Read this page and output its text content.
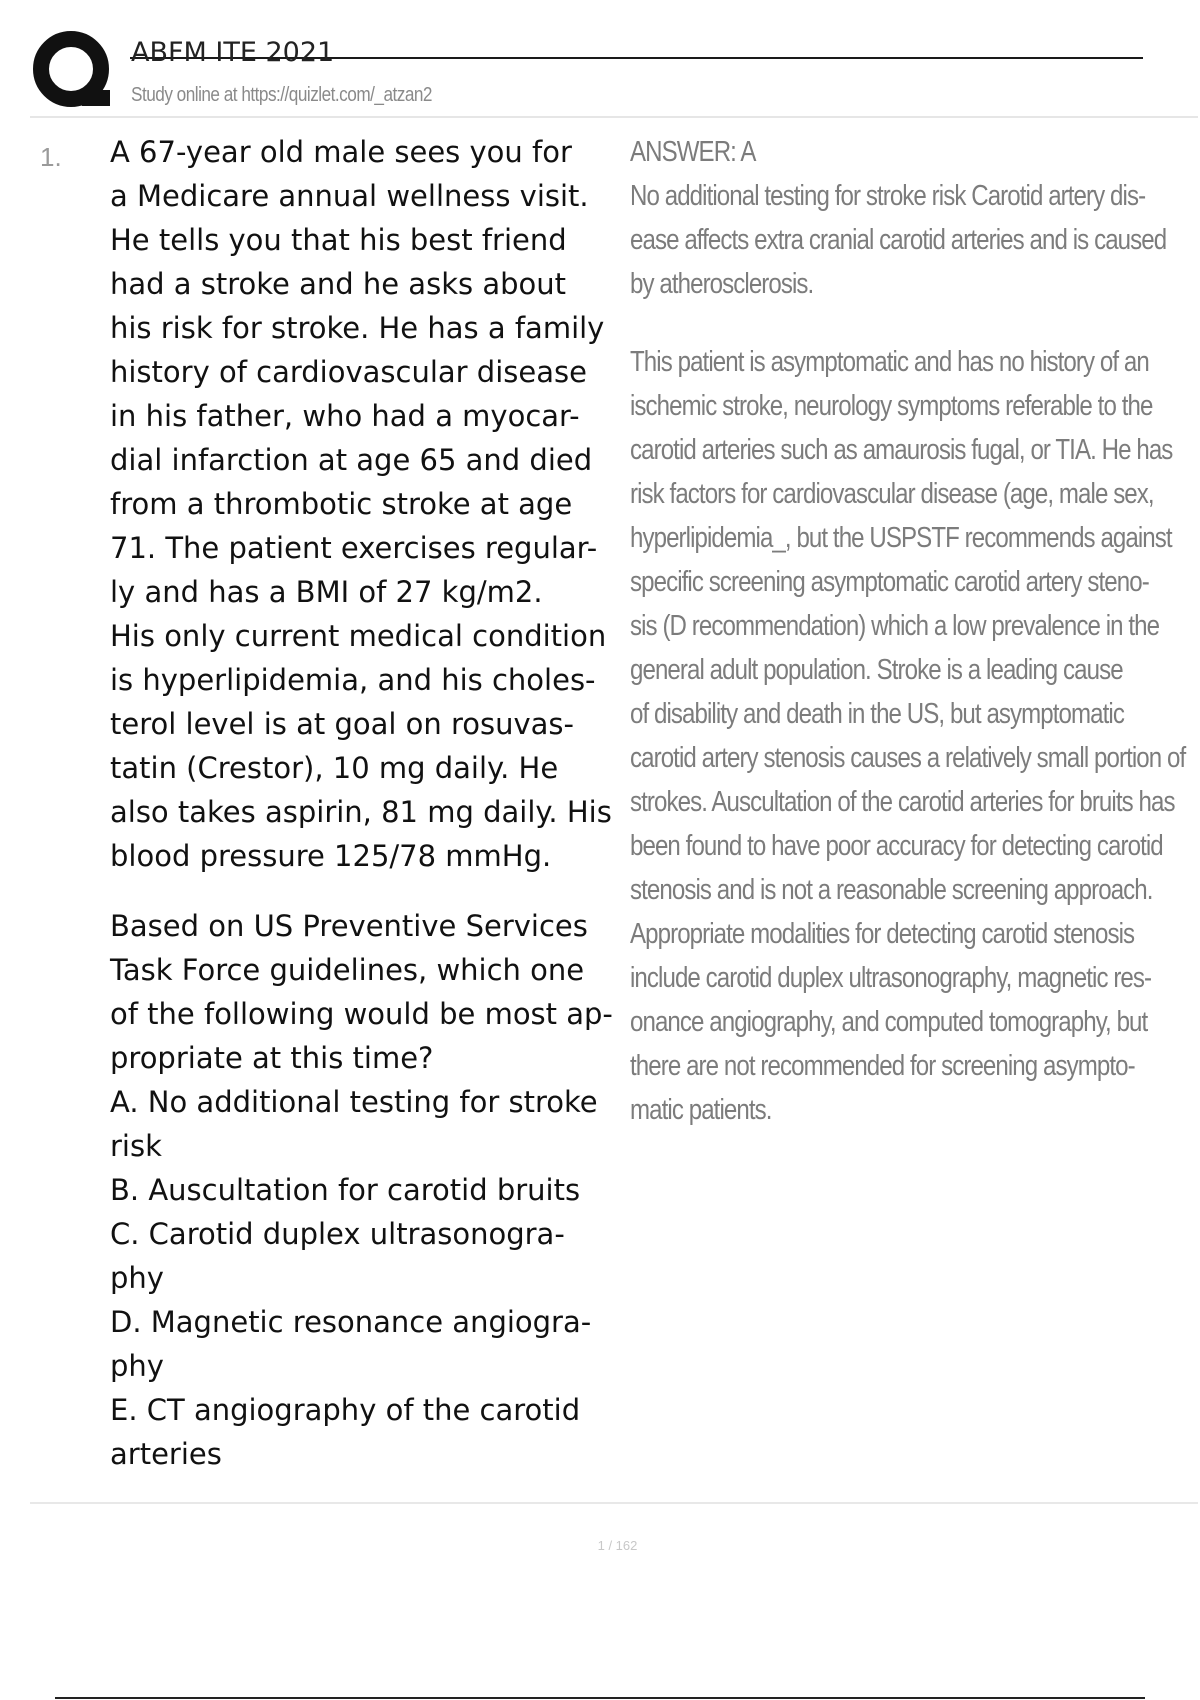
ABFM ITE 2021
Study online at https://quizlet.com/_atzan2
1. A 67-year old male sees you for
a Medicare annual wellness visit.
He tells you that his best friend
had a stroke and he asks about
his risk for stroke. He has a family
history of cardiovascular disease
in his father, who had a myocar-
dial infarction at age 65 and died
from a thrombotic stroke at age
71. The patient exercises regular-
ly and has a BMI of 27 kg/m2.
His only current medical condition
is hyperlipidemia, and his choles-
terol level is at goal on rosuvas-
tatin (Crestor), 10 mg daily. He
also takes aspirin, 81 mg daily. His
blood pressure 125/78 mmHg.
Based on US Preventive Services
Task Force guidelines, which one
of the following would be most ap-
propriate at this time?
A. No additional testing for stroke
risk
B. Auscultation for carotid bruits
C. Carotid duplex ultrasonogra-
phy
D. Magnetic resonance angiogra-
phy
E. CT angiography of the carotid
arteries
ANSWER: A
No additional testing for stroke risk Carotid artery dis-
ease affects extra cranial carotid arteries and is caused
by atherosclerosis.
This patient is asymptomatic and has no history of an
ischemic stroke, neurology symptoms referable to the
carotid arteries such as amaurosis fugal, or TIA. He has
risk factors for cardiovascular disease (age, male sex,
hyperlipidemia_, but the USPSTF recommends against
specific screening asymptomatic carotid artery steno-
sis (D recommendation) which a low prevalence in the
general adult population. Stroke is a leading cause
of disability and death in the US, but asymptomatic
carotid artery stenosis causes a relatively small portion of
strokes. Auscultation of the carotid arteries for bruits has
been found to have poor accuracy for detecting carotid
stenosis and is not a reasonable screening approach.
Appropriate modalities for detecting carotid stenosis
include carotid duplex ultrasonography, magnetic res-
onance angiography, and computed tomography, but
there are not recommended for screening asympto-
matic patients.
1 / 162
